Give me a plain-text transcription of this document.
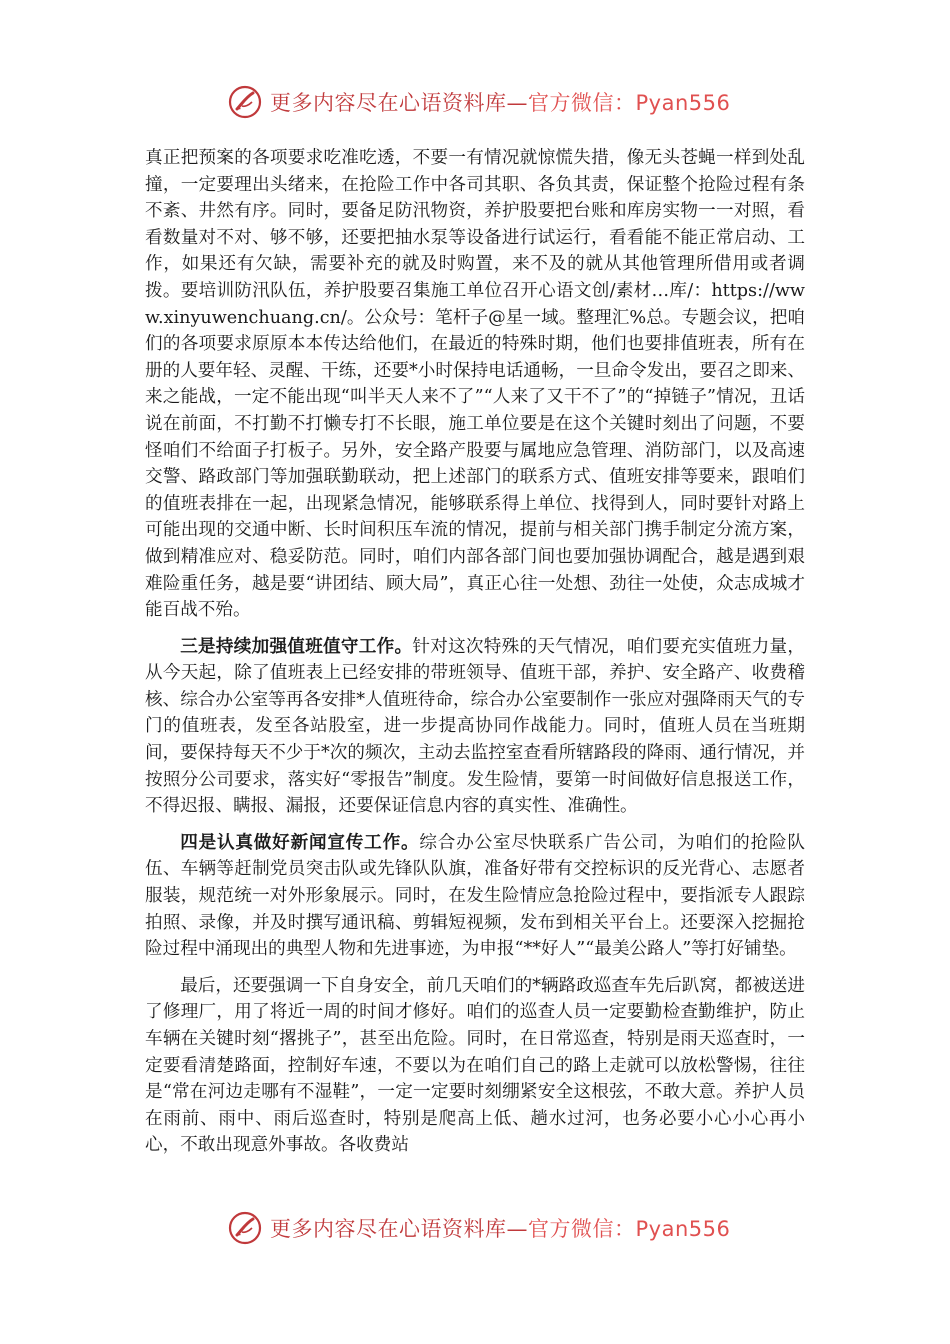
更多内容尽在心语资料库—官方微信：Pyan556

真正把预案的各项要求吃准吃透，不要一有情况就惊慌失措，像无头苍蝇一样到处乱撞，一定要理出头绪来，在抢险工作中各司其职、各负其责，保证整个抢险过程有条不紊、井然有序。同时，要备足防汛物资，养护股要把台账和库房实物一一对照，看看数量对不对、够不够，还要把抽水泵等设备进行试运行，看看能不能正常启动、工作，如果还有欠缺，需要补充的就及时购置，来不及的就从其他管理所借用或者调拨。要培训防汛队伍，养护股要召集施工单位召开心语文创/素材…库/：https://www.xinyuwenchuang.cn/。公众号：笔杆子@星一域。整理汇%总。专题会议，把咱们的各项要求原原本本传达给他们，在最近的特殊时期，他们也要排值班表，所有在册的人要年轻、灵醒、干练，还要*小时保持电话通畅，一旦命令发出，要召之即来、来之能战，一定不能出现“叫半天人来不了”“人来了又干不了”的“掉链子”情况，丑话说在前面，不打勤不打懒专打不长眼，施工单位要是在这个关键时刻出了问题，不要怪咱们不给面子打板子。另外，安全路产股要与属地应急管理、消防部门，以及高速交警、路政部门等加强联勤联动，把上述部门的联系方式、值班安排等要来，跟咱们的值班表排在一起，出现紧急情况，能够联系得上单位、找得到人，同时要针对路上可能出现的交通中断、长时间积压车流的情况，提前与相关部门携手制定分流方案，做到精准应对、稳妥防范。同时，咱们内部各部门间也要加强协调配合，越是遇到艰难险重任务，越是要“讲团结、顾大局”，真正心往一处想、劲往一处使，众志成城才能百战不殆。

三是持续加强值班值守工作。针对这次特殊的天气情况，咱们要充实值班力量，从今天起，除了值班表上已经安排的带班领导、值班干部，养护、安全路产、收费稽核、综合办公室等再各安排*人值班待命，综合办公室要制作一张应对强降雨天气的专门的值班表，发至各站股室，进一步提高协同作战能力。同时，值班人员在当班期间，要保持每天不少于*次的频次，主动去监控室查看所辖路段的降雨、通行情况，并按照分公司要求，落实好“零报告”制度。发生险情，要第一时间做好信息报送工作，不得迟报、瞒报、漏报，还要保证信息内容的真实性、准确性。

四是认真做好新闻宣传工作。综合办公室尽快联系广告公司，为咱们的抢险队伍、车辆等赶制党员突击队或先锋队队旗，准备好带有交控标识的反光背心、志愿者服装，规范统一对外形象展示。同时，在发生险情应急抢险过程中，要指派专人跟踪拍照、录像，并及时撰写通讯稿、剪辑短视频，发布到相关平台上。还要深入挖掘抢险过程中涌现出的典型人物和先进事迹，为申报“**好人”“最美公路人”等打好铺垫。

最后，还要强调一下自身安全，前几天咱们的*辆路政巡查车先后趴窝，都被送进了修理厂，用了将近一周的时间才修好。咱们的巡查人员一定要勤检查勤维护，防止车辆在关键时刻“撂挑子”，甚至出危险。同时，在日常巡查，特别是雨天巡查时，一定要看清楚路面，控制好车速，不要以为在咱们自己的路上走就可以放松警惕，往往是“常在河边走哪有不湿鞋”，一定一定要时刻绷紧安全这根弦，不敢大意。养护人员在雨前、雨中、雨后巡查时，特别是爬高上低、趟水过河，也务必要小心小心再小心，不敢出现意外事故。各收费站

更多内容尽在心语资料库—官方微信：Pyan556
